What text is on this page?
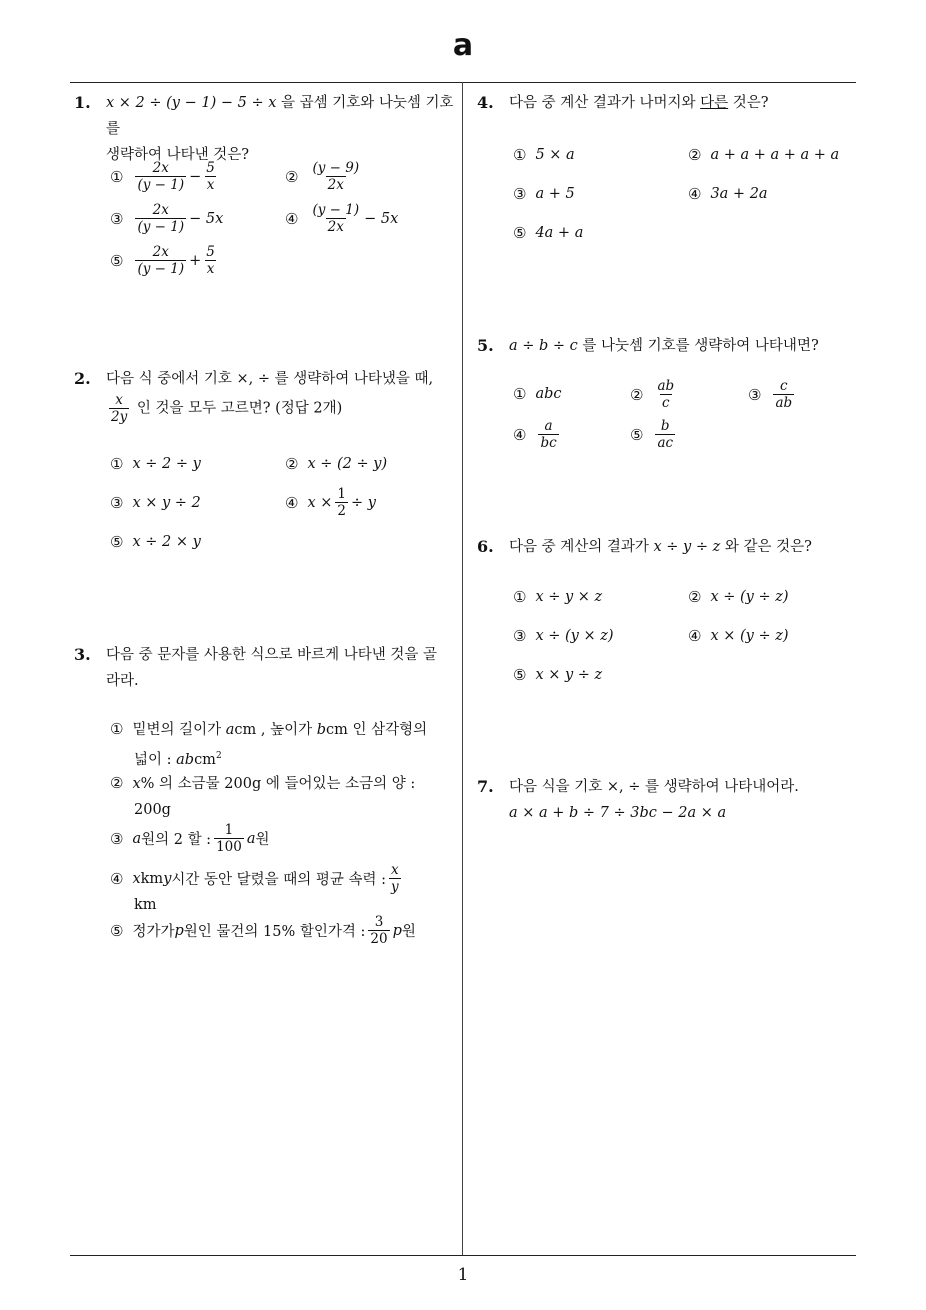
a
1
1. x × 2 ÷ (y − 1) − 5 ÷ x 을 곱셈 기호와 나눗셈 기호를
생략하여 나타낸 것은?
① $\frac{2x}{(y - 1)} - \frac{5}{x}$	② $\frac{(y - 9)}{2x}$
③ $\frac{2x}{(y - 1)} - 5x$	④ $\frac{(y - 1)}{2x} - 5x$
⑤ $\frac{2x}{(y - 1)} + \frac{5}{x}$
2. 다음 식 중에서 기호 ×, ÷ 를 생략하여 나타냈을 때,

$\frac{x}{2y}$ 인 것을 모두 고르면? (정답 2개)
① x ÷ 2 ÷ y	② x ÷ (2 ÷ y)
③ x × y ÷ 2	④ $x \times \frac{1}{2} \div y$
⑤ x ÷ 2 × y
3. 다음 중 문자를 사용한 식으로 바르게 나타낸 것을 골
라라.
① 밑변의 길이가 acm , 높이가 bcm 인 삼각형의
넓이 : abcm$^2$
② x% 의 소금물 200g 에 들어있는 소금의 양 :
200g
③ a 원의 2 할 : $\frac{1}{100}$ a 원
④ x km y 시간 동안 달렸을 때의 평균 속력 : $\frac{x}{y}$
km
⑤ 정가가 p 원인 물건의 15% 할인가격 : $\frac{3}{20}$ p 원
4. 다음 중 계산 결과가 나머지와 다른 것은?
① 5 × a	② a + a + a + a + a
③ a + 5	④ 3a + 2a
⑤ 4a + a
5. a ÷ b ÷ c 를 나눗셈 기호를 생략하여 나타내면?
① abc	② $\frac{ab}{c}$	③ $\frac{c}{ab}$
④ $\frac{a}{bc}$	⑤ $\frac{b}{ac}$
6. 다음 중 계산의 결과가 x ÷ y ÷ z 와 같은 것은?
① x ÷ y × z	② x ÷ (y ÷ z)
③ x ÷ (y × z)	④ x × (y ÷ z)
⑤ x × y ÷ z
7. 다음 식을 기호 ×, ÷ 를 생략하여 나타내어라.
a × a + b ÷ 7 ÷ 3bc − 2a × a
